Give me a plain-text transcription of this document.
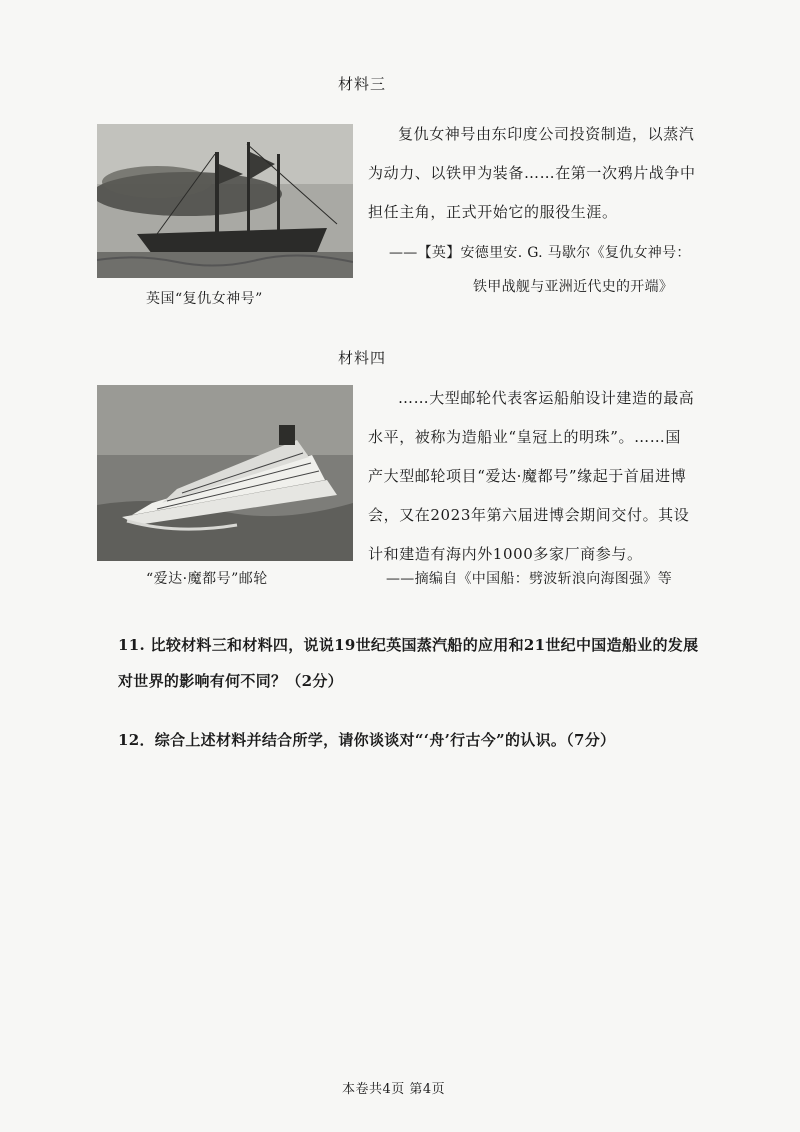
材料三
复仇女神号由东印度公司投资制造，以蒸汽为动力、以铁甲为装备……在第一次鸦片战争中担任主角，正式开始它的服役生涯。
——【英】安德里安. G. 马歇尔《复仇女神号：
铁甲战舰与亚洲近代史的开端》
英国“复仇女神号”
材料四
……大型邮轮代表客运船舶设计建造的最高水平，被称为造船业“皇冠上的明珠”。……国产大型邮轮项目“爱达·魔都号”缘起于首届进博会，又在2023年第六届进博会期间交付。其设计和建造有海内外1000多家厂商参与。
——摘编自《中国船：劈波斩浪向海图强》等
“爱达·魔都号”邮轮
11. 比较材料三和材料四，说说19世纪英国蒸汽船的应用和21世纪中国造船业的发展对世界的影响有何不同？（2分）
12．综合上述材料并结合所学，请你谈谈对“‘舟’行古今”的认识。（7分）
本卷共4页 第4页
